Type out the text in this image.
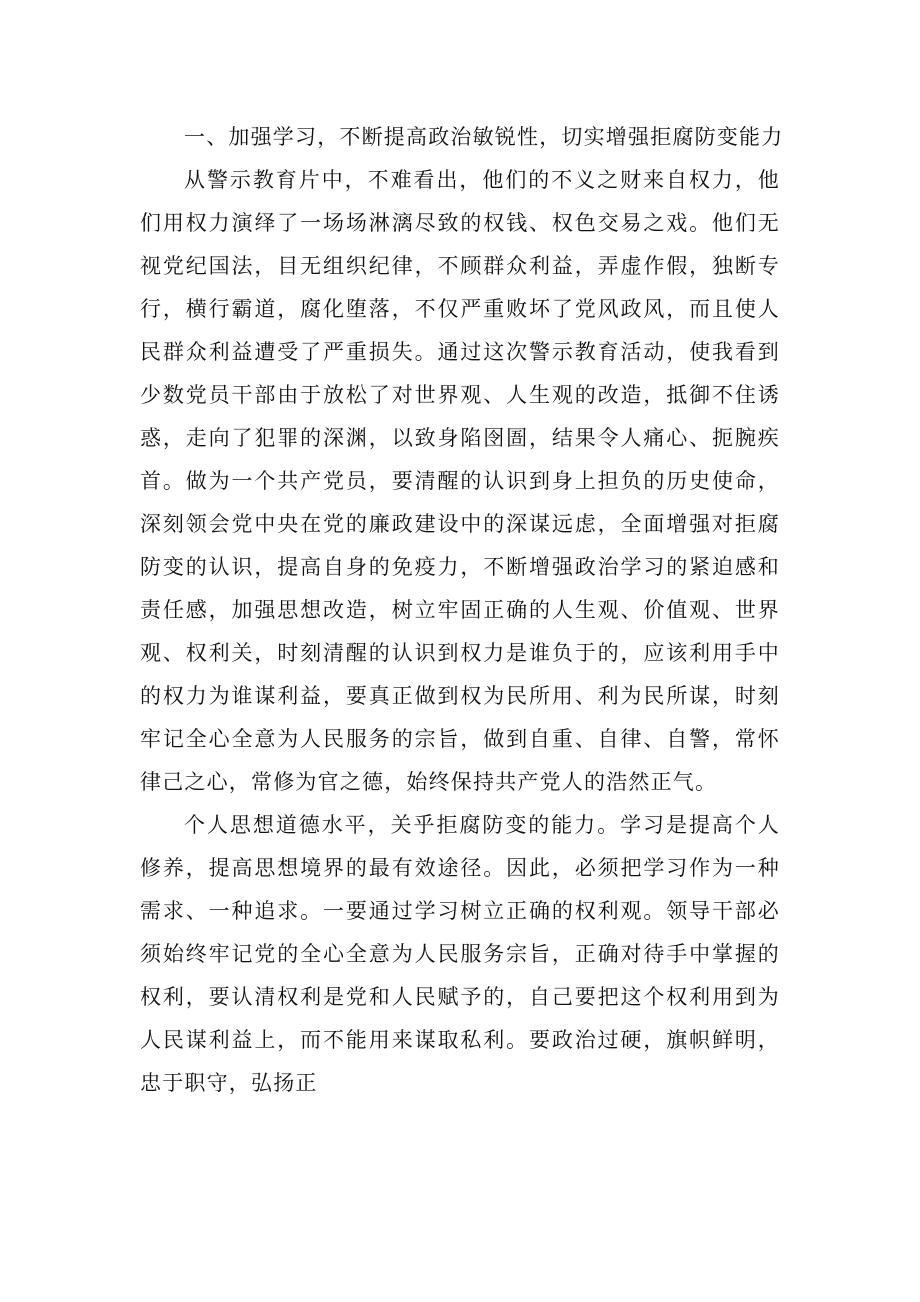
一、加强学习，不断提高政治敏锐性，切实增强拒腐防变能力

从警示教育片中，不难看出，他们的不义之财来自权力，他们用权力演绎了一场场淋漓尽致的权钱、权色交易之戏。他们无视党纪国法，目无组织纪律，不顾群众利益，弄虚作假，独断专行，横行霸道，腐化堕落，不仅严重败坏了党风政风，而且使人民群众利益遭受了严重损失。通过这次警示教育活动，使我看到少数党员干部由于放松了对世界观、人生观的改造，抵御不住诱惑，走向了犯罪的深渊，以致身陷囹圄，结果令人痛心、扼腕疾首。做为一个共产党员，要清醒的认识到身上担负的历史使命，深刻领会党中央在党的廉政建设中的深谋远虑，全面增强对拒腐防变的认识，提高自身的免疫力，不断增强政治学习的紧迫感和责任感，加强思想改造，树立牢固正确的人生观、价值观、世界观、权利关，时刻清醒的认识到权力是谁负于的，应该利用手中的权力为谁谋利益，要真正做到权为民所用、利为民所谋，时刻牢记全心全意为人民服务的宗旨，做到自重、自律、自警，常怀律己之心，常修为官之德，始终保持共产党人的浩然正气。

个人思想道德水平，关乎拒腐防变的能力。学习是提高个人修养，提高思想境界的最有效途径。因此，必须把学习作为一种需求、一种追求。一要通过学习树立正确的权利观。领导干部必须始终牢记党的全心全意为人民服务宗旨，正确对待手中掌握的权利，要认清权利是党和人民赋予的，自己要把这个权利用到为人民谋利益上，而不能用来谋取私利。要政治过硬，旗帜鲜明，忠于职守，弘扬正
